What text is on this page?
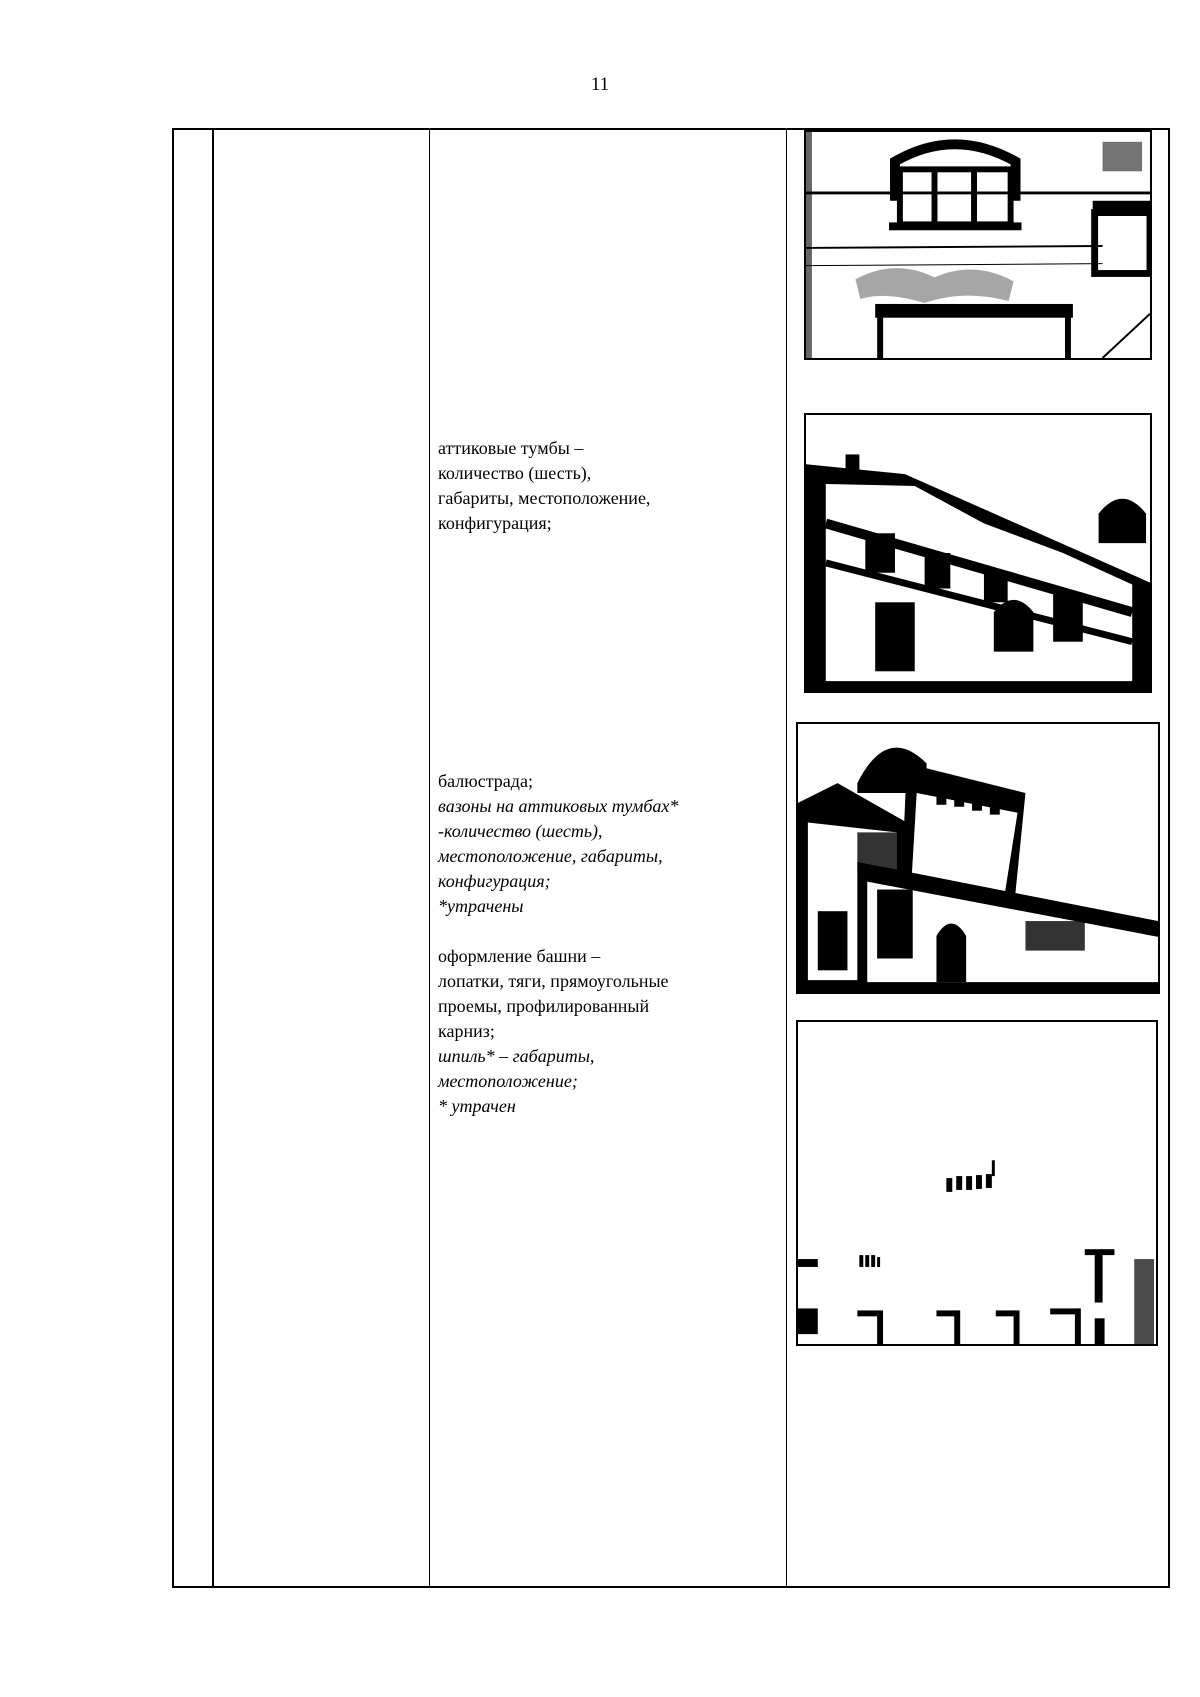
11
аттиковые тумбы –
количество (шесть),
габариты, местоположение,
конфигурация;
балюстрада;
вазоны на аттиковых тумбах*
-количество (шесть),
местоположение, габариты,
конфигурация;
*утрачены
оформление башни –
лопатки, тяги, прямоугольные
проемы, профилированный
карниз;
шпиль* – габариты,
местоположение;
* утрачен
